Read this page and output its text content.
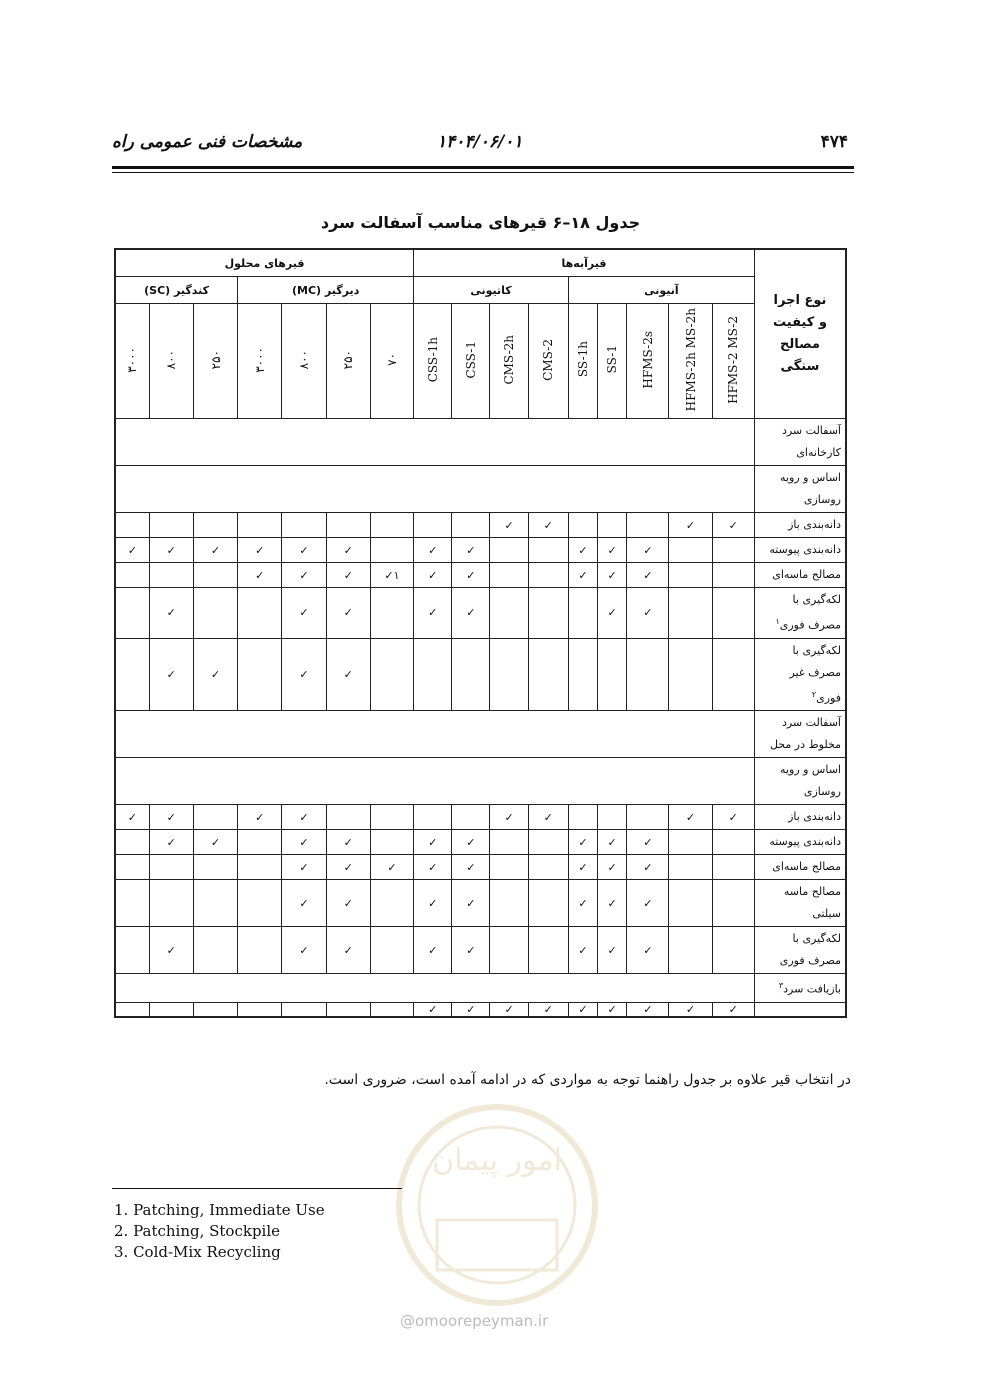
مشخصات فنی عمومی راه	۱۴۰۴/۰۶/۰۱	۴۷۴
جدول ۱۸–۶ قیرهای مناسب آسفالت سرد
قیرهای محلول							قیرآبه‌ها									نوع اجرا و کیفیت مصالح سنگی

کندگیر (SC)			دیرگیر (MC)				کاتیونی				آنیونی					
۳۰۰۰	۸۰۰	۲۵۰	۳۰۰۰	۸۰۰	۲۵۰	۷۰	CSS-1h	CSS-1	CMS-2h	CMS-2	SS-1h	SS-1	HFMS-2s	HFMS-2h MS-2h	HFMS-2 MS-2	
																آسفالت سرد کارخانه‌ای
																اساس و رویه روسازی
									✓	✓				✓	✓	دانه‌بندی باز
✓	✓	✓	✓	✓	✓		✓	✓			✓	✓	✓			دانه‌بندی پیوسته
			✓	✓	✓	✓١	✓	✓			✓	✓	✓			مصالح ماسه‌ای
	✓			✓	✓		✓	✓				✓	✓			لکه‌گیری با مصرف فوری$^۱$
	✓	✓		✓	✓											لکه‌گیری با مصرف غیر فوری$^۲$
																آسفالت سرد مخلوط در محل
																اساس و رویه روسازی
✓	✓		✓	✓					✓	✓				✓	✓	دانه‌بندی باز
	✓	✓		✓	✓		✓	✓			✓	✓	✓			دانه‌بندی پیوسته
				✓	✓	✓	✓	✓			✓	✓	✓			مصالح ماسه‌ای
				✓	✓		✓	✓			✓	✓	✓			مصالح ماسه سیلتی
	✓			✓	✓		✓	✓			✓	✓	✓			لکه‌گیری با مصرف فوری
																بازیافت سرد$^۳$
							✓	✓	✓	✓	✓	✓	✓	✓	✓	
در انتخاب قیر علاوه بر جدول راهنما توجه به مواردی که در ادامه آمده است، ضروری است.
امور پیمان
@omoorepeyman.ir
1. Patching, Immediate Use
2. Patching, Stockpile
3. Cold-Mix Recycling
